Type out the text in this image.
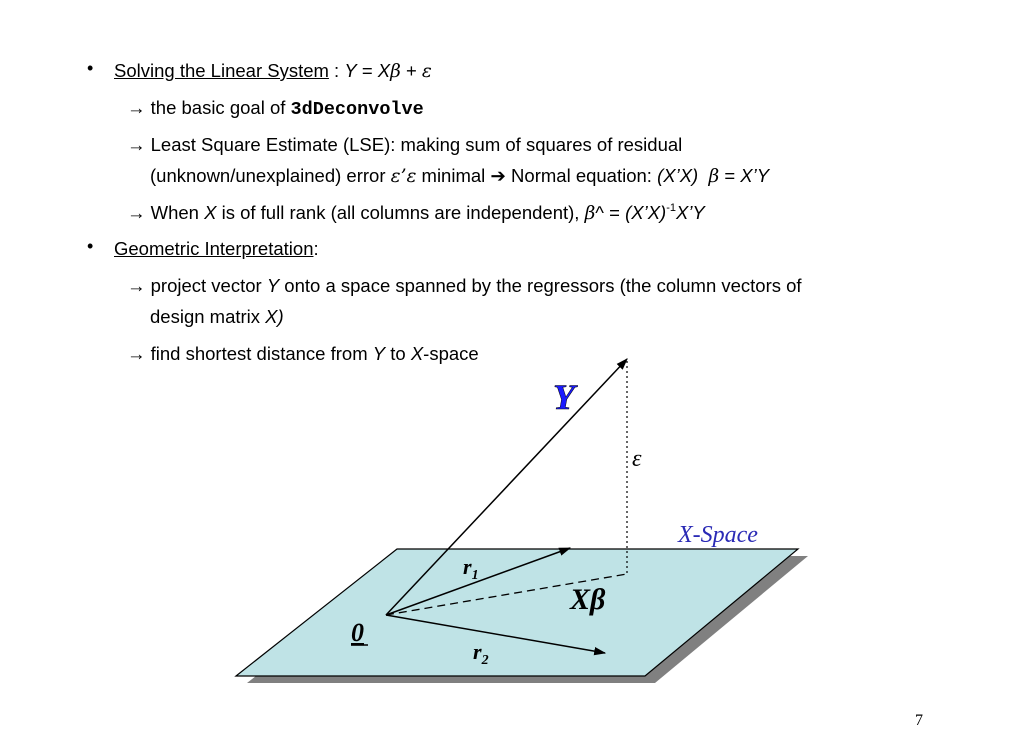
• Solving the Linear System : Y = Xβ + ε
→ the basic goal of 3dDeconvolve
→ Least Square Estimate (LSE): making sum of squares of residual
(unknown/unexplained) error ε’ε minimal ➔ Normal equation: (X’X) β = X’Y
→ When X is of full rank (all columns are independent), β^ = (X’X)$^{-1}$X’Y
• Geometric Interpretation:
→ project vector Y onto a space spanned by the regressors (the column vectors of
design matrix X)
→ find shortest distance from Y to X-space
Y
ε
X-Space
$r_1$
Xβ
0
$r_2$
7
